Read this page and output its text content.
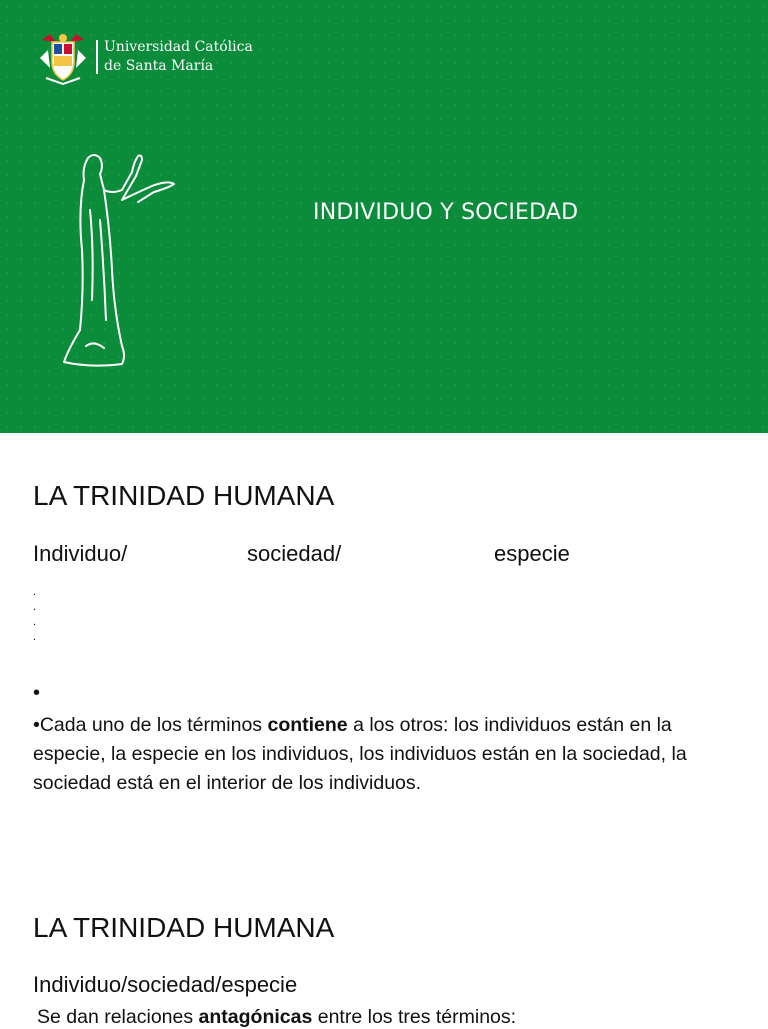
Universidad Católica
de Santa María
INDIVIDUO Y SOCIEDAD
LA TRINIDAD HUMANA
Individuo/	sociedad/	especie
.
.
.
.
•
•Cada uno de los términos contiene a los otros: los individuos están en la especie, la especie en los individuos, los individuos están en la sociedad, la sociedad está en el interior de los individuos.
LA TRINIDAD HUMANA
Individuo/sociedad/especie
Se dan relaciones antagónicas entre los tres términos:
